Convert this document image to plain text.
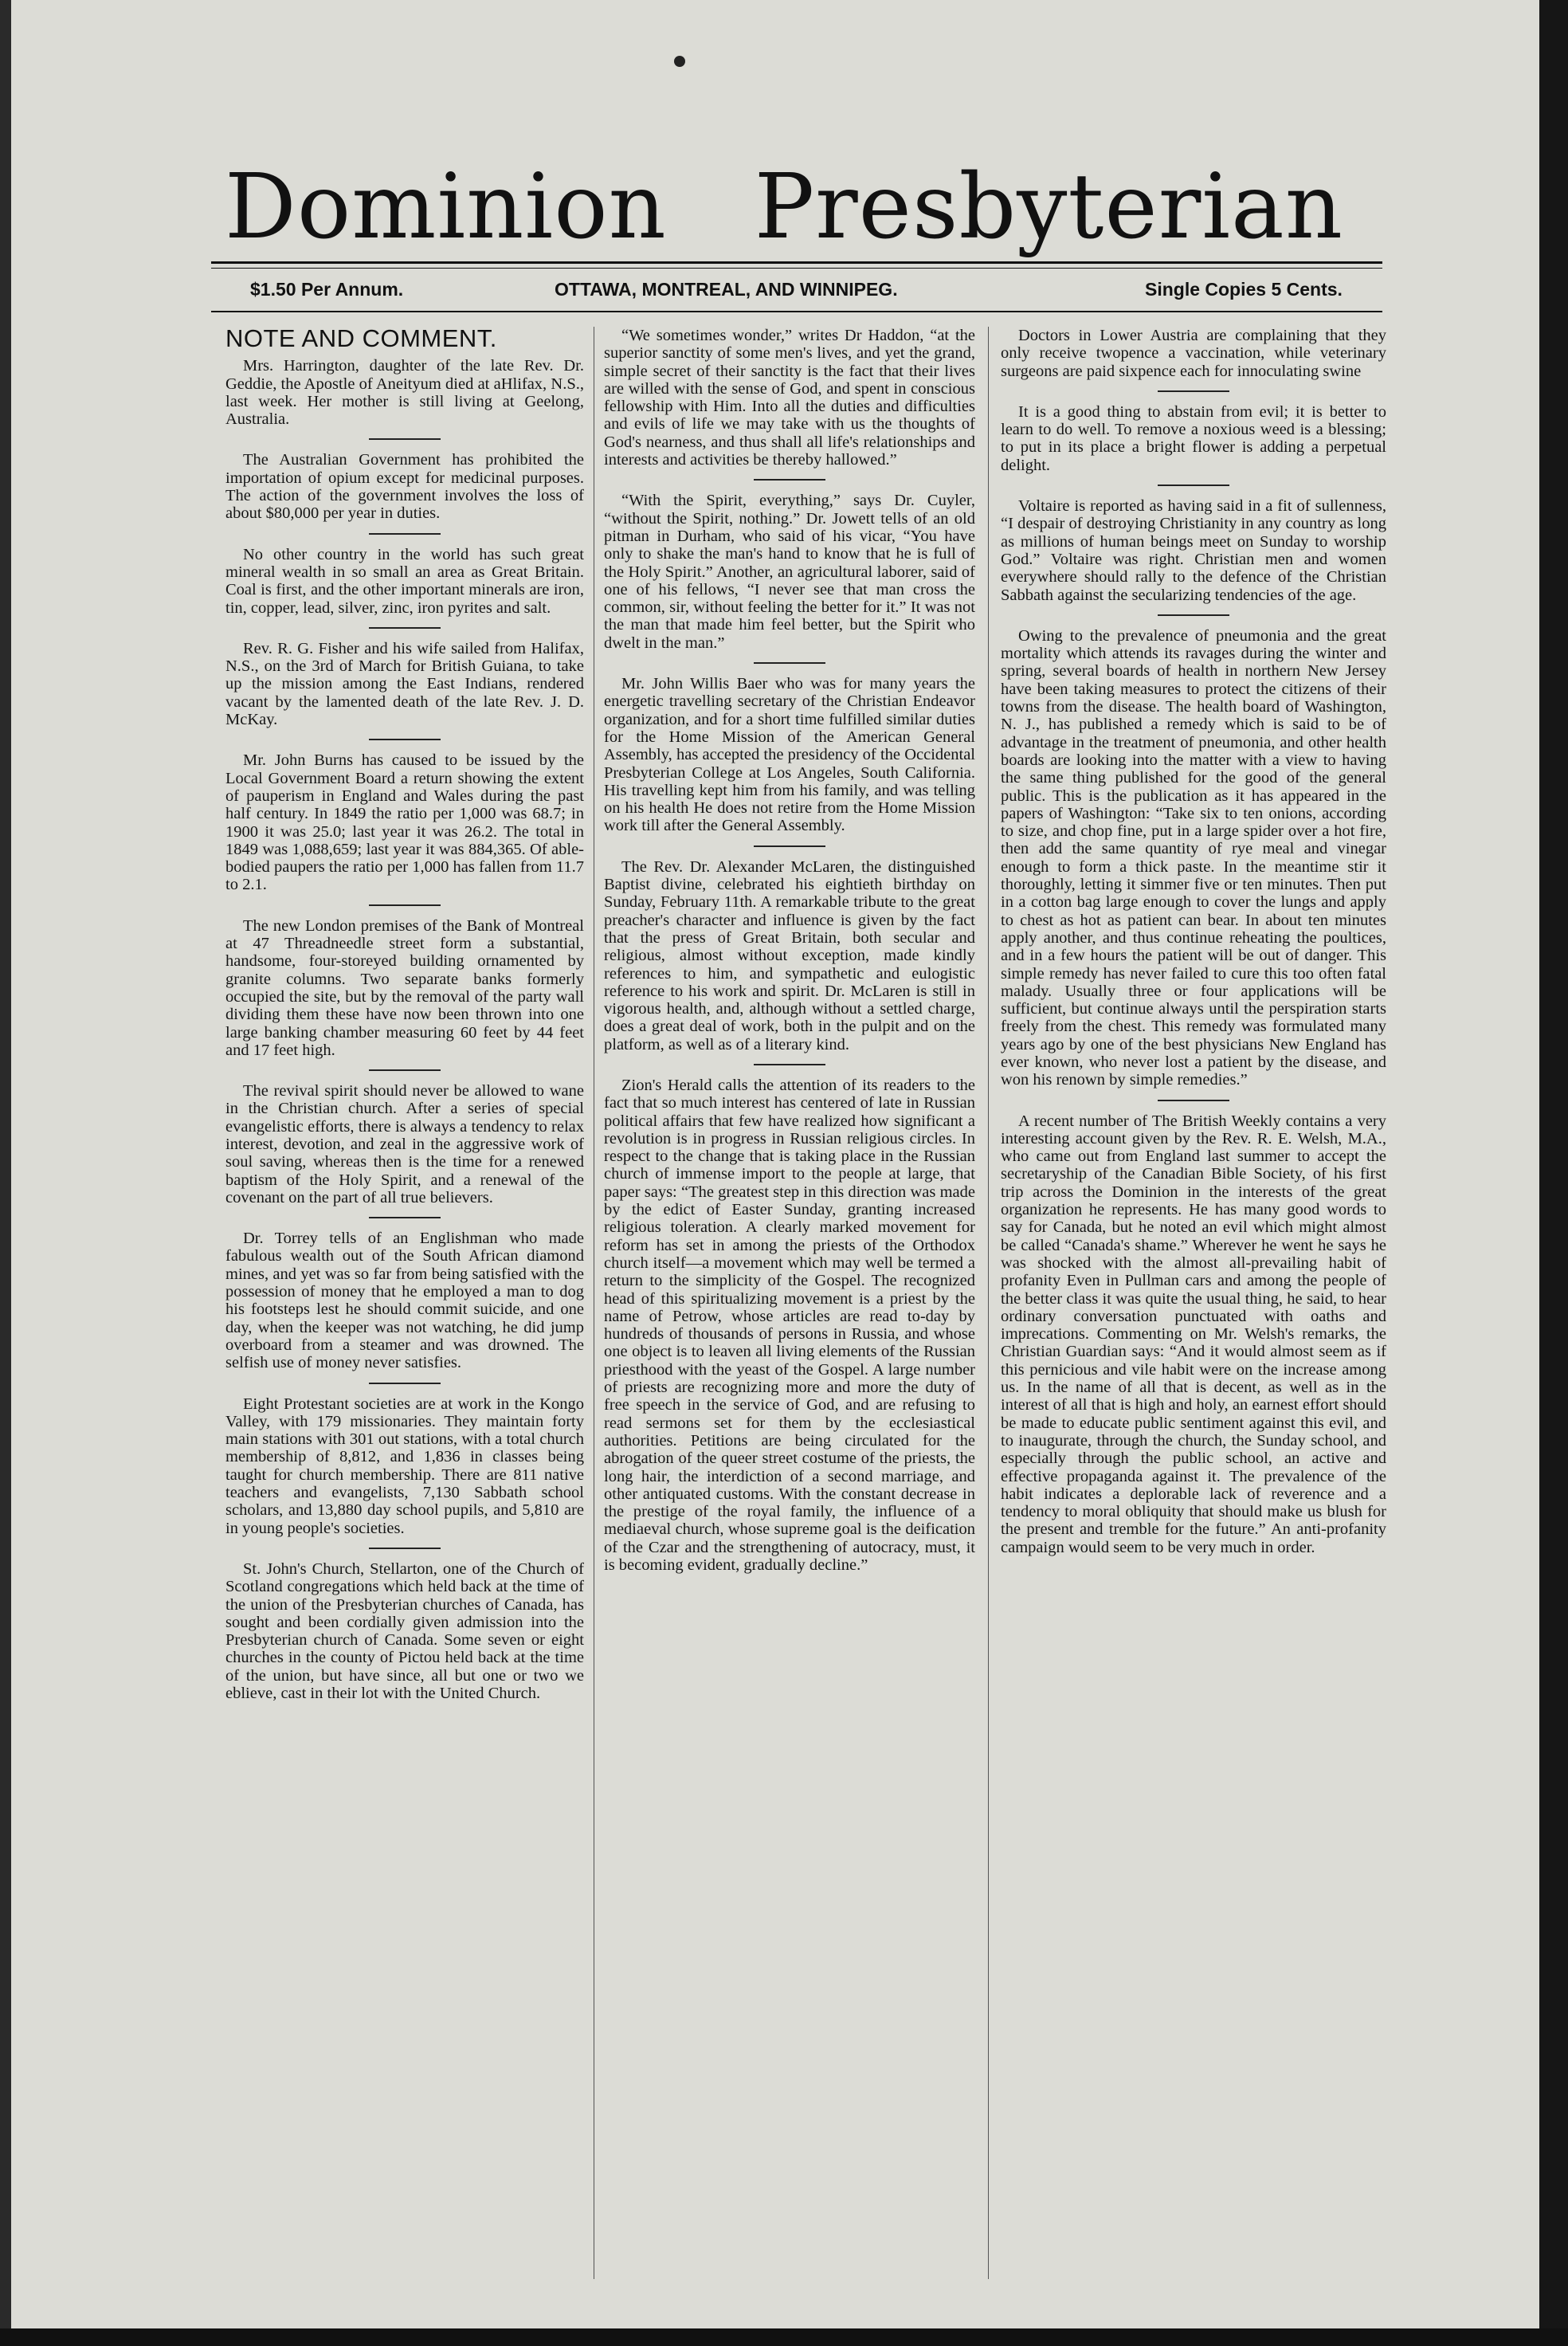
Dominion Presbyterian
$1.50 Per Annum.	OTTAWA, MONTREAL, AND WINNIPEG.	Single Copies 5 Cents.
NOTE AND COMMENT.

Mrs. Harrington, daughter of the late Rev. Dr. Geddie, the Apostle of Aneityum died at aHlifax, N.S., last week. Her mother is still living at Geelong, Australia.

The Australian Government has prohibited the importation of opium except for medicinal purposes. The action of the government involves the loss of about $80,000 per year in duties.

No other country in the world has such great mineral wealth in so small an area as Great Britain. Coal is first, and the other important minerals are iron, tin, copper, lead, silver, zinc, iron pyrites and salt.

Rev. R. G. Fisher and his wife sailed from Halifax, N.S., on the 3rd of March for British Guiana, to take up the mission among the East Indians, rendered vacant by the lamented death of the late Rev. J. D. McKay.

Mr. John Burns has caused to be issued by the Local Government Board a return showing the extent of pauperism in England and Wales during the past half century. In 1849 the ratio per 1,000 was 68.7; in 1900 it was 25.0; last year it was 26.2. The total in 1849 was 1,088,659; last year it was 884,365. Of able-bodied paupers the ratio per 1,000 has fallen from 11.7 to 2.1.

The new London premises of the Bank of Montreal at 47 Threadneedle street form a substantial, handsome, four-storeyed building ornamented by granite columns. Two separate banks formerly occupied the site, but by the removal of the party wall dividing them these have now been thrown into one large banking chamber measuring 60 feet by 44 feet and 17 feet high.

The revival spirit should never be allowed to wane in the Christian church. After a series of special evangelistic efforts, there is always a tendency to relax interest, devotion, and zeal in the aggressive work of soul saving, whereas then is the time for a renewed baptism of the Holy Spirit, and a renewal of the covenant on the part of all true believers.

Dr. Torrey tells of an Englishman who made fabulous wealth out of the South African diamond mines, and yet was so far from being satisfied with the possession of money that he employed a man to dog his footsteps lest he should commit suicide, and one day, when the keeper was not watching, he did jump overboard from a steamer and was drowned. The selfish use of money never satisfies.

Eight Protestant societies are at work in the Kongo Valley, with 179 missionaries. They maintain forty main stations with 301 out stations, with a total church membership of 8,812, and 1,836 in classes being taught for church membership. There are 811 native teachers and evangelists, 7,130 Sabbath school scholars, and 13,880 day school pupils, and 5,810 are in young people's societies.

St. John's Church, Stellarton, one of the Church of Scotland congregations which held back at the time of the union of the Presbyterian churches of Canada, has sought and been cordially given admission into the Presbyterian church of Canada. Some seven or eight churches in the county of Pictou held back at the time of the union, but have since, all but one or two we eblieve, cast in their lot with the United Church.

“We sometimes wonder,” writes Dr Haddon, “at the superior sanctity of some men's lives, and yet the grand, simple secret of their sanctity is the fact that their lives are willed with the sense of God, and spent in conscious fellowship with Him. Into all the duties and difficulties and evils of life we may take with us the thoughts of God's nearness, and thus shall all life's relationships and interests and activities be thereby hallowed.”

“With the Spirit, everything,” says Dr. Cuyler, “without the Spirit, nothing.” Dr. Jowett tells of an old pitman in Durham, who said of his vicar, “You have only to shake the man's hand to know that he is full of the Holy Spirit.” Another, an agricultural laborer, said of one of his fellows, “I never see that man cross the common, sir, without feeling the better for it.” It was not the man that made him feel better, but the Spirit who dwelt in the man.”

Mr. John Willis Baer who was for many years the energetic travelling secretary of the Christian Endeavor organization, and for a short time fulfilled similar duties for the Home Mission of the American General Assembly, has accepted the presidency of the Occidental Presbyterian College at Los Angeles, South California. His travelling kept him from his family, and was telling on his health He does not retire from the Home Mission work till after the General Assembly.

The Rev. Dr. Alexander McLaren, the distinguished Baptist divine, celebrated his eightieth birthday on Sunday, February 11th. A remarkable tribute to the great preacher's character and influence is given by the fact that the press of Great Britain, both secular and religious, almost without exception, made kindly references to him, and sympathetic and eulogistic reference to his work and spirit. Dr. McLaren is still in vigorous health, and, although without a settled charge, does a great deal of work, both in the pulpit and on the platform, as well as of a literary kind.

Zion's Herald calls the attention of its readers to the fact that so much interest has centered of late in Russian political affairs that few have realized how significant a revolution is in progress in Russian religious circles. In respect to the change that is taking place in the Russian church of immense import to the people at large, that paper says: “The greatest step in this direction was made by the edict of Easter Sunday, granting increased religious toleration. A clearly marked movement for reform has set in among the priests of the Orthodox church itself—a movement which may well be termed a return to the simplicity of the Gospel. The recognized head of this spiritualizing movement is a priest by the name of Petrow, whose articles are read to-day by hundreds of thousands of persons in Russia, and whose one object is to leaven all living elements of the Russian priesthood with the yeast of the Gospel. A large number of priests are recognizing more and more the duty of free speech in the service of God, and are refusing to read sermons set for them by the ecclesiastical authorities. Petitions are being circulated for the abrogation of the queer street costume of the priests, the long hair, the interdiction of a second marriage, and other antiquated customs. With the constant decrease in the prestige of the royal family, the influence of a mediaeval church, whose supreme goal is the deification of the Czar and the strengthening of autocracy, must, it is becoming evident, gradually decline.”

Doctors in Lower Austria are complaining that they only receive twopence a vaccination, while veterinary surgeons are paid sixpence each for innoculating swine

It is a good thing to abstain from evil; it is better to learn to do well. To remove a noxious weed is a blessing; to put in its place a bright flower is adding a perpetual delight.

Voltaire is reported as having said in a fit of sullenness, “I despair of destroying Christianity in any country as long as millions of human beings meet on Sunday to worship God.” Voltaire was right. Christian men and women everywhere should rally to the defence of the Christian Sabbath against the secularizing tendencies of the age.

Owing to the prevalence of pneumonia and the great mortality which attends its ravages during the winter and spring, several boards of health in northern New Jersey have been taking measures to protect the citizens of their towns from the disease. The health board of Washington, N. J., has published a remedy which is said to be of advantage in the treatment of pneumonia, and other health boards are looking into the matter with a view to having the same thing published for the good of the general public. This is the publication as it has appeared in the papers of Washington: “Take six to ten onions, according to size, and chop fine, put in a large spider over a hot fire, then add the same quantity of rye meal and vinegar enough to form a thick paste. In the meantime stir it thoroughly, letting it simmer five or ten minutes. Then put in a cotton bag large enough to cover the lungs and apply to chest as hot as patient can bear. In about ten minutes apply another, and thus continue reheating the poultices, and in a few hours the patient will be out of danger. This simple remedy has never failed to cure this too often fatal malady. Usually three or four applications will be sufficient, but continue always until the perspiration starts freely from the chest. This remedy was formulated many years ago by one of the best physicians New England has ever known, who never lost a patient by the disease, and won his renown by simple remedies.”

A recent number of The British Weekly contains a very interesting account given by the Rev. R. E. Welsh, M.A., who came out from England last summer to accept the secretaryship of the Canadian Bible Society, of his first trip across the Dominion in the interests of the great organization he represents. He has many good words to say for Canada, but he noted an evil which might almost be called “Canada's shame.” Wherever he went he says he was shocked with the almost all-prevailing habit of profanity Even in Pullman cars and among the people of the better class it was quite the usual thing, he said, to hear ordinary conversation punctuated with oaths and imprecations. Commenting on Mr. Welsh's remarks, the Christian Guardian says: “And it would almost seem as if this pernicious and vile habit were on the increase among us. In the name of all that is decent, as well as in the interest of all that is high and holy, an earnest effort should be made to educate public sentiment against this evil, and to inaugurate, through the church, the Sunday school, and especially through the public school, an active and effective propaganda against it. The prevalence of the habit indicates a deplorable lack of reverence and a tendency to moral obliquity that should make us blush for the present and tremble for the future.” An anti-profanity campaign would seem to be very much in order.
